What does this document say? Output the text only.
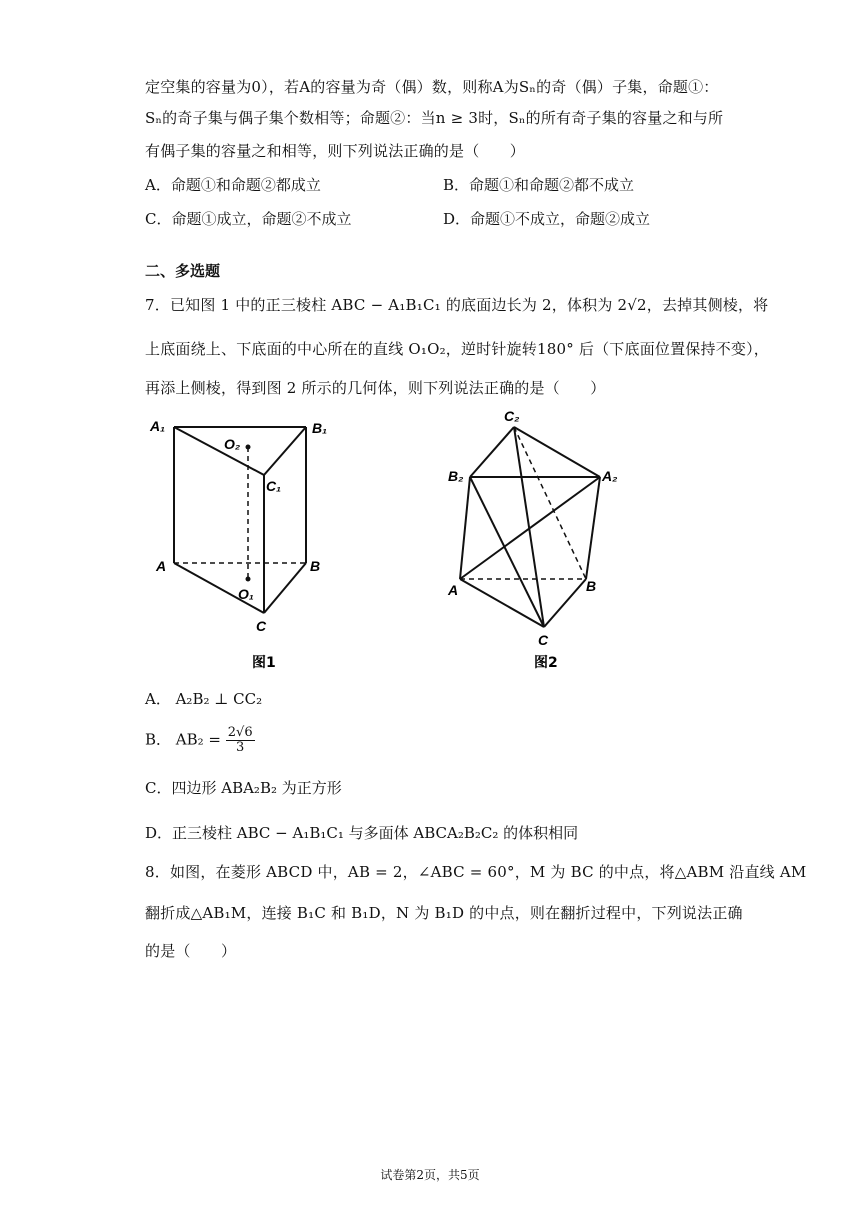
定空集的容量为0），若A的容量为奇（偶）数，则称A为Sₙ的奇（偶）子集，命题①：
Sₙ的奇子集与偶子集个数相等；命题②：当n ≥ 3时，Sₙ的所有奇子集的容量之和与所
有偶子集的容量之和相等，则下列说法正确的是（　　）
A．命题①和命题②都成立	B．命题①和命题②都不成立
C．命题①成立，命题②不成立	D．命题①不成立，命题②成立
二、多选题
7．已知图 1 中的正三棱柱 ABC − A₁B₁C₁ 的底面边长为 2，体积为 2√2，去掉其侧棱，将
上底面绕上、下底面的中心所在的直线 O₁O₂，逆时针旋转180° 后（下底面位置保持不变），
再添上侧棱，得到图 2 所示的几何体，则下列说法正确的是（　　）
A₁	B₁
O₂
C₁
A	B
O₁
C
图1
C₂
B₂	A₂
A	B
C
图2
A． A₂B₂ ⊥ CC₂
B． $AB_2 = \frac{2√6}{3}$
C．四边形 ABA₂B₂ 为正方形
D．正三棱柱 ABC − A₁B₁C₁ 与多面体 ABCA₂B₂C₂ 的体积相同
8．如图，在菱形 ABCD 中，AB = 2，∠ABC = 60°，M 为 BC 的中点，将△ABM 沿直线 AM
翻折成△AB₁M，连接 B₁C 和 B₁D，N 为 B₁D 的中点，则在翻折过程中，下列说法正确
的是（　　）
试卷第2页，共5页
